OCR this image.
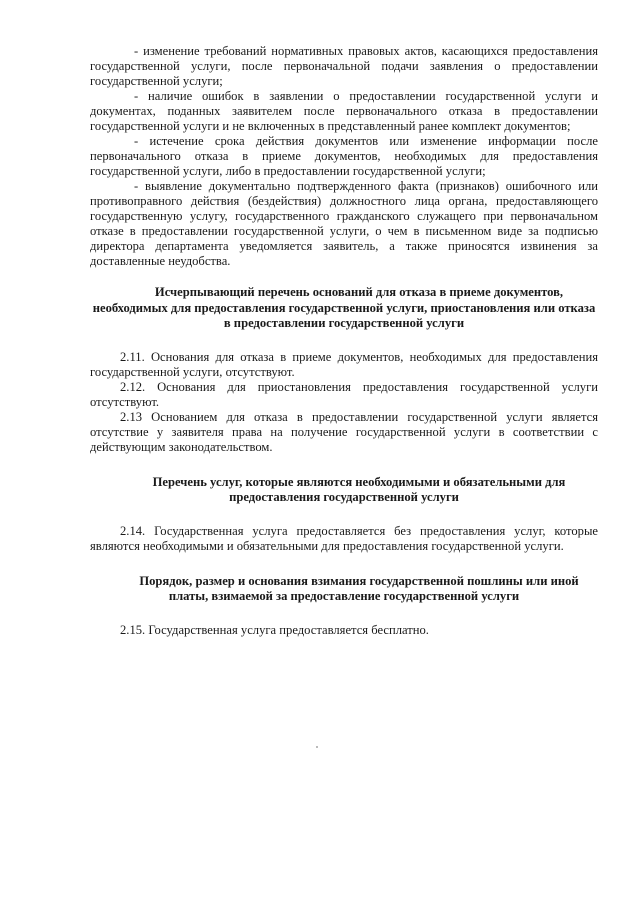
- изменение требований нормативных правовых актов, касающихся предоставления государственной услуги, после первоначальной подачи заявления о предоставлении государственной услуги;

- наличие ошибок в заявлении о предоставлении государственной услуги и документах, поданных заявителем после первоначального отказа в предоставлении государственной услуги и не включенных в представленный ранее комплект документов;

- истечение срока действия документов или изменение информации после первоначального отказа в приеме документов, необходимых для предоставления государственной услуги, либо в предоставлении государственной услуги;

- выявление документально подтвержденного факта (признаков) ошибочного или противоправного действия (бездействия) должностного лица органа, предоставляющего государственную услугу, государственного гражданского служащего при первоначальном отказе в предоставлении государственной услуги, о чем в письменном виде за подписью директора департамента уведомляется заявитель, а также приносятся извинения за доставленные неудобства.

Исчерпывающий перечень оснований для отказа в приеме документов, необходимых для предоставления государственной услуги, приостановления или отказа в предоставлении государственной услуги

2.11. Основания для отказа в приеме документов, необходимых для предоставления государственной услуги, отсутствуют.

2.12. Основания для приостановления предоставления государственной услуги отсутствуют.

2.13 Основанием для отказа в предоставлении государственной услуги является отсутствие у заявителя права на получение государственной услуги в соответствии с действующим законодательством.

Перечень услуг, которые являются необходимыми и обязательными для предоставления государственной услуги

2.14. Государственная услуга предоставляется без предоставления услуг, которые являются необходимыми и обязательными для предоставления государственной услуги.

Порядок, размер и основания взимания государственной пошлины или иной платы, взимаемой за предоставление государственной услуги

2.15. Государственная услуга предоставляется бесплатно.
